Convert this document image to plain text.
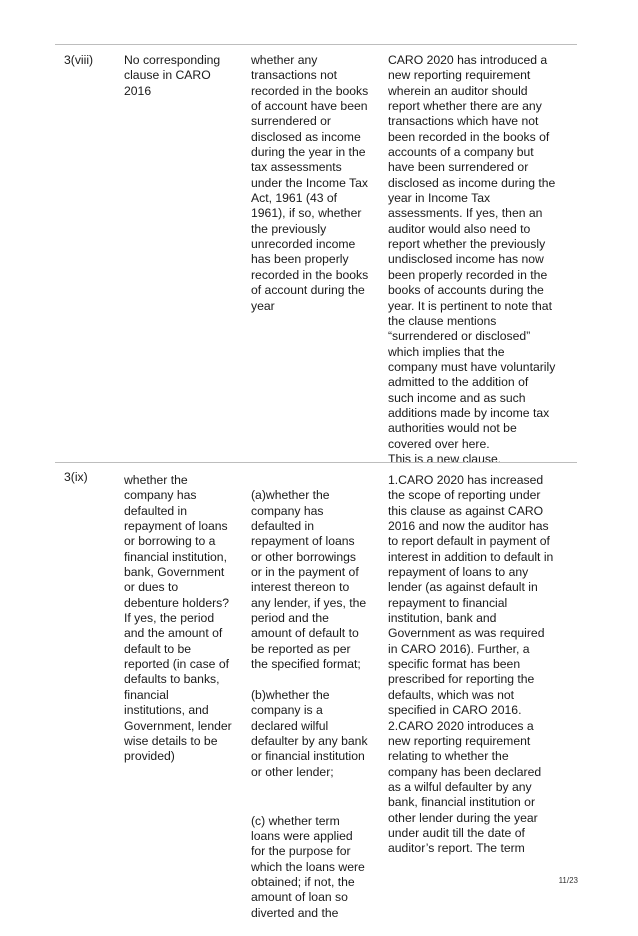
3(viii)	No corresponding
clause in CARO
2016
whether any
transactions not
recorded in the books
of account have been
surrendered or
disclosed as income
during the year in the
tax assessments
under the Income Tax
Act, 1961 (43 of
1961), if so, whether
the previously
unrecorded income
has been properly
recorded in the books
of account during the
year
CARO 2020 has introduced a
new reporting requirement
wherein an auditor should
report whether there are any
transactions which have not
been recorded in the books of
accounts of a company but
have been surrendered or
disclosed as income during the
year in Income Tax
assessments. If yes, then an
auditor would also need to
report whether the previously
undisclosed income has now
been properly recorded in the
books of accounts during the
year. It is pertinent to note that
the clause mentions
“surrendered or disclosed”
which implies that the
company must have voluntarily
admitted to the addition of
such income and as such
additions made by income tax
authorities would not be
covered over here.
This is a new clause.
3(ix)	whether the
company has
defaulted in
repayment of loans
or borrowing to a
financial institution,
bank, Government
or dues to
debenture holders?
If yes, the period
and the amount of
default to be
reported (in case of
defaults to banks,
financial
institutions, and
Government, lender
wise details to be
provided)

(a)whether the
company has
defaulted in
repayment of loans
or other borrowings
or in the payment of
interest thereon to
any lender, if yes, the
period and the
amount of default to
be reported as per
the specified format;

(b)whether the
company is a
declared wilful
defaulter by any bank
or financial institution
or other lender;

(c) whether term
loans were applied
for the purpose for
which the loans were
obtained; if not, the
amount of loan so
diverted and the

1.CARO 2020 has increased
the scope of reporting under
this clause as against CARO
2016 and now the auditor has
to report default in payment of
interest in addition to default in
repayment of loans to any
lender (as against default in
repayment to financial
institution, bank and
Government as was required
in CARO 2016). Further, a
specific format has been
prescribed for reporting the
defaults, which was not
specified in CARO 2016.
2.CARO 2020 introduces a
new reporting requirement
relating to whether the
company has been declared
as a wilful defaulter by any
bank, financial institution or
other lender during the year
under audit till the date of
auditor’s report. The term
11/23
